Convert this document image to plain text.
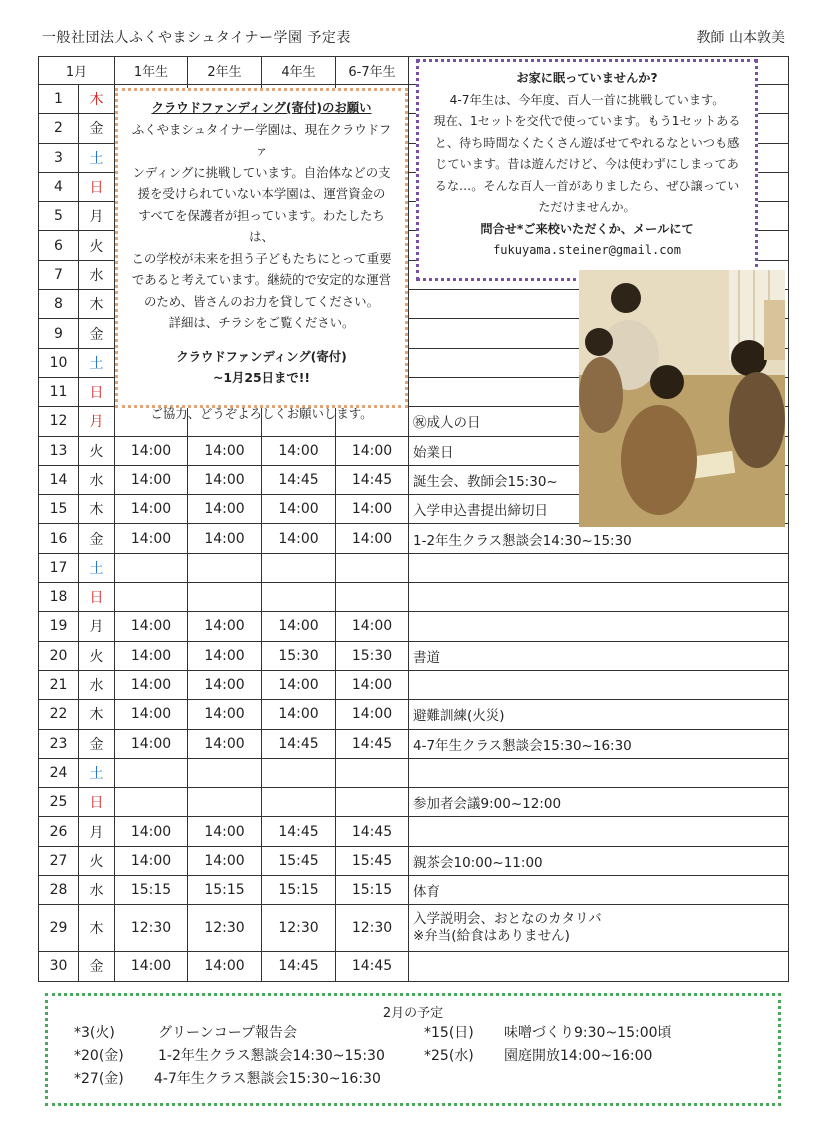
一般社団法人ふくやまシュタイナー学園 予定表	教師 山本敦美
1月		1年生	2年生	4年生	6-7年生	
1	木					
2	金					
3	土					
4	日					
5	月					
6	火					
7	水					
8	木					
9	金					
10	土					
11	日					
12	月					㊗成人の日
13	火	14:00	14:00	14:00	14:00	始業日
14	水	14:00	14:00	14:45	14:45	誕生会、教師会15:30~
15	木	14:00	14:00	14:00	14:00	入学申込書提出締切日
16	金	14:00	14:00	14:00	14:00	1-2年生クラス懇談会14:30~15:30
17	土					
18	日					
19	月	14:00	14:00	14:00	14:00	
20	火	14:00	14:00	15:30	15:30	書道
21	水	14:00	14:00	14:00	14:00	
22	木	14:00	14:00	14:00	14:00	避難訓練(火災)
23	金	14:00	14:00	14:45	14:45	4-7年生クラス懇談会15:30~16:30
24	土					
25	日					参加者会議9:00~12:00
26	月	14:00	14:00	14:45	14:45	
27	火	14:00	14:00	15:45	15:45	親茶会10:00~11:00
28	水	15:15	15:15	15:15	15:15	体育
29	木	12:30	12:30	12:30	12:30	入学説明会、おとなのカタリバ
※弁当(給食はありません)

30	金	14:00	14:00	14:45	14:45	

クラウドファンディング(寄付)のお願い

ふくやまシュタイナー学園は、現在クラウドファ

ンディングに挑戦しています。自治体などの支

援を受けられていない本学園は、運営資金の

すべてを保護者が担っています。わたしたちは、

この学校が未来を担う子どもたちにとって重要

であると考えています。継続的で安定的な運営

のため、皆さんのお力を貸してください。

詳細は、チラシをご覧ください。

クラウドファンディング(寄付)

~1月25日まで!!

ご協力、どうぞよろしくお願いします。

お家に眠っていませんか?

4-7年生は、今年度、百人一首に挑戦しています。

現在、1セットを交代で使っています。もう1セットある

と、待ち時間なくたくさん遊ばせてやれるなといつも感

じています。昔は遊んだけど、今は使わずにしまってあ

るな…。そんな百人一首がありましたら、ぜひ譲ってい

ただけませんか。

問合せ*ご来校いただくか、メールにて

fukuyama.steiner@gmail.com

2月の予定
*3(火)	グリーンコープ報告会	*15(日) 味噌づくり9:30~15:00頃
*20(金) 1-2年生クラス懇談会14:30~15:30	*25(水) 園庭開放14:00~16:00
*27(金) 4-7年生クラス懇談会15:30~16:30
